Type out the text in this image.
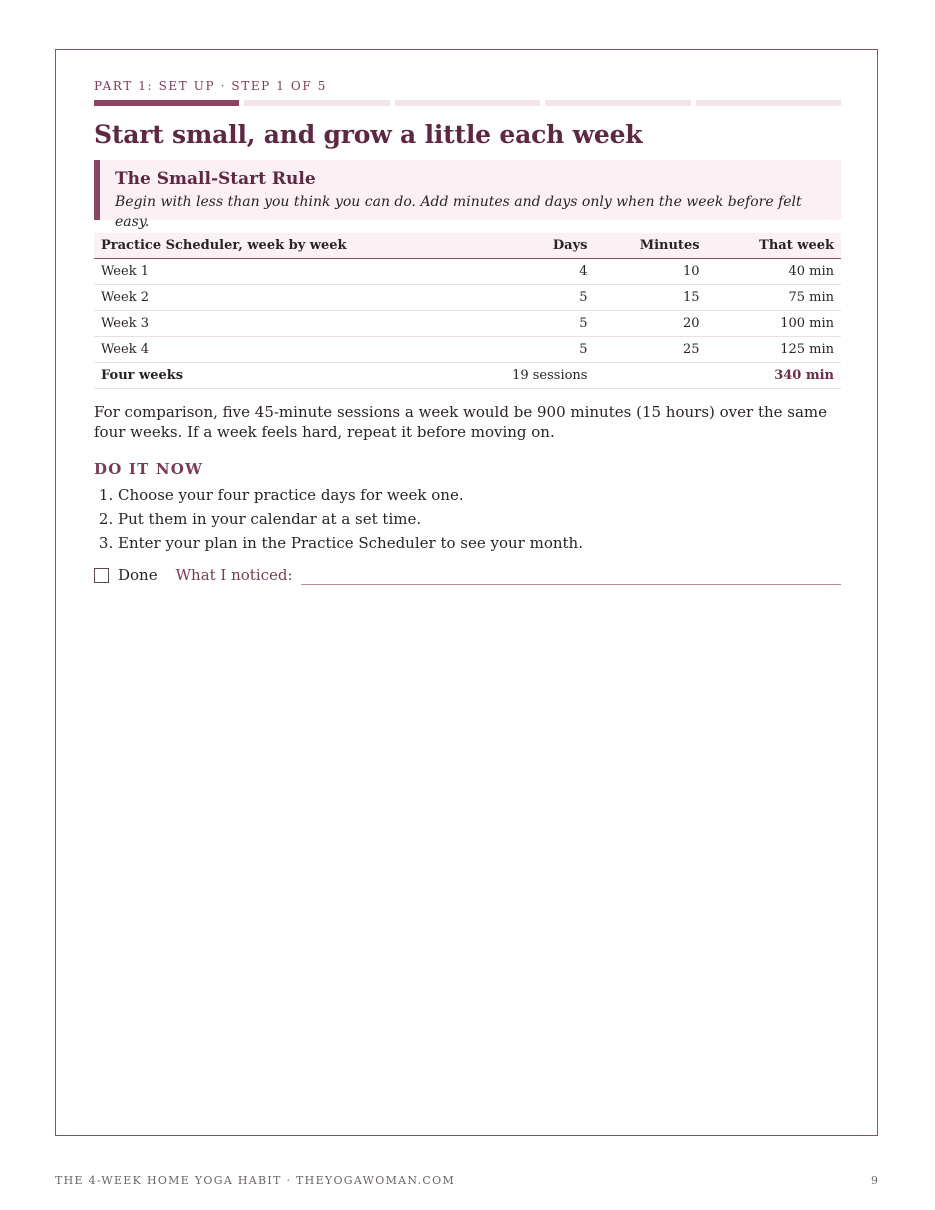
PART 1: SET UP · STEP 1 OF 5
Start small, and grow a little each week
The Small-Start Rule
Begin with less than you think you can do. Add minutes and days only when the week before felt easy.
Practice Scheduler, week by week	Days	Minutes	That week
Week 1	4	10	40 min
Week 2	5	15	75 min
Week 3	5	20	100 min
Week 4	5	25	125 min
Four weeks	19 sessions		340 min

For comparison, five 45-minute sessions a week would be 900 minutes (15 hours) over the same four weeks. If a week feels hard, repeat it before moving on.

DO IT NOW
1. Choose your four practice days for week one.
2. Put them in your calendar at a set time.
3. Enter your plan in the Practice Scheduler to see your month.
Done What I noticed:
THE 4-WEEK HOME YOGA HABIT · THEYOGAWOMAN.COM	9
